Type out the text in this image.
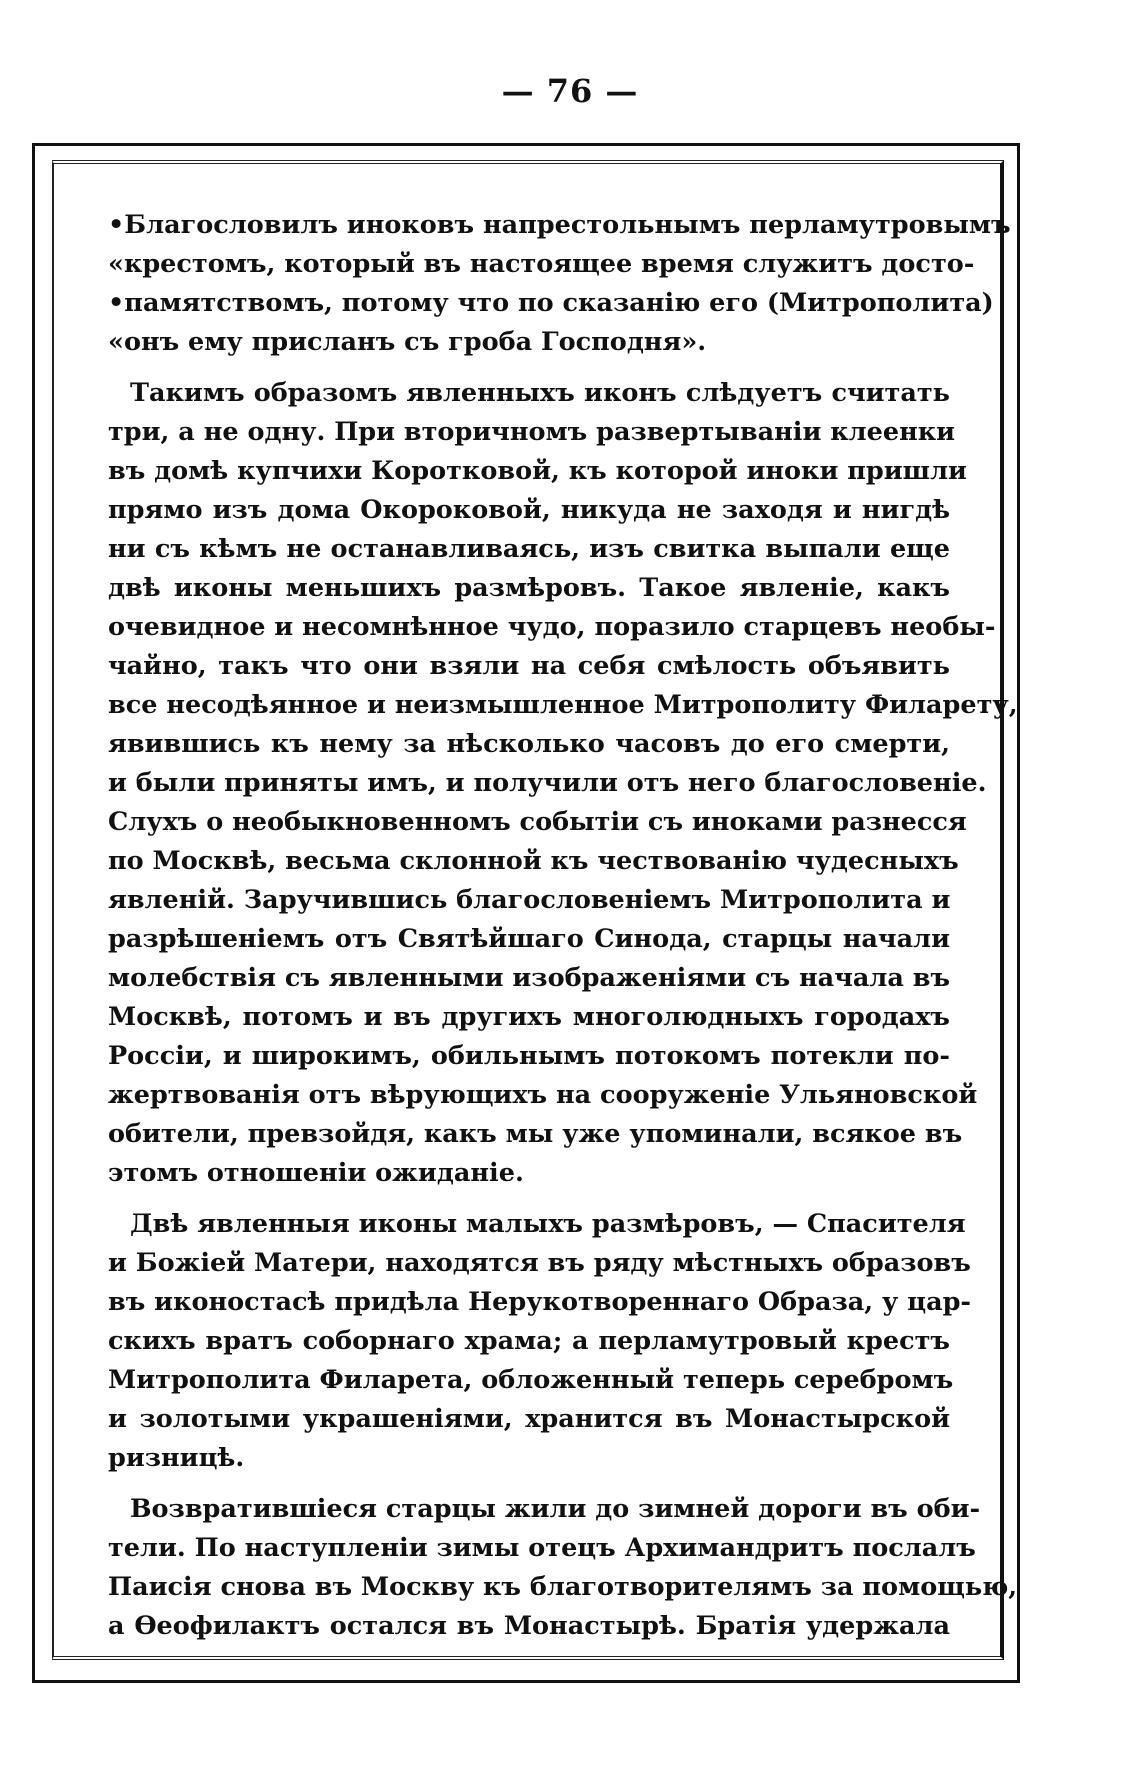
— 76 —
•Благословилъ иноковъ напрестольнымъ перламутровымъ
«крестомъ, который въ настоящее время служитъ досто-
•памятствомъ, потому что по сказанію его (Митрополита)
«онъ ему присланъ съ гроба Господня».
Такимъ образомъ явленныхъ иконъ слѣдуетъ считать
три, а не одну. При вторичномъ развертываніи клеенки
въ домѣ купчихи Коротковой, къ которой иноки пришли
прямо изъ дома Окороковой, никуда не заходя и нигдѣ
ни съ кѣмъ не останавливаясь, изъ свитка выпали еще
двѣ иконы меньшихъ размѣровъ. Такое явленіе, какъ
очевидное и несомнѣнное чудо, поразило старцевъ необы-
чайно, такъ что они взяли на себя смѣлость объявить
все несодѣянное и неизмышленное Митрополиту Филарету,
явившись къ нему за нѣсколько часовъ до его смерти,
и были приняты имъ, и получили отъ него благословеніе.
Слухъ о необыкновенномъ событіи съ иноками разнесся
по Москвѣ, весьма склонной къ чествованію чудесныхъ
явленій. Заручившись благословеніемъ Митрополита и
разрѣшеніемъ отъ Святѣйшаго Синода, старцы начали
молебствія съ явленными изображеніями съ начала въ
Москвѣ, потомъ и въ другихъ многолюдныхъ городахъ
Россіи, и широкимъ, обильнымъ потокомъ потекли по-
жертвованія отъ вѣрующихъ на сооруженіе Ульяновской
обители, превзойдя, какъ мы уже упоминали, всякое въ
этомъ отношеніи ожиданіе.
Двѣ явленныя иконы малыхъ размѣровъ, — Спасителя
и Божіей Матери, находятся въ ряду мѣстныхъ образовъ
въ иконостасѣ придѣла Нерукотвореннаго Образа, у цар-
скихъ вратъ соборнаго храма; а перламутровый крестъ
Митрополита Филарета, обложенный теперь серебромъ
и золотыми украшеніями, хранится въ Монастырской
ризницѣ.
Возвратившіеся старцы жили до зимней дороги въ оби-
тели. По наступленіи зимы отецъ Архимандритъ послалъ
Паисія снова въ Москву къ благотворителямъ за помощью,
а Өеофилактъ остался въ Монастырѣ. Братія удержала
